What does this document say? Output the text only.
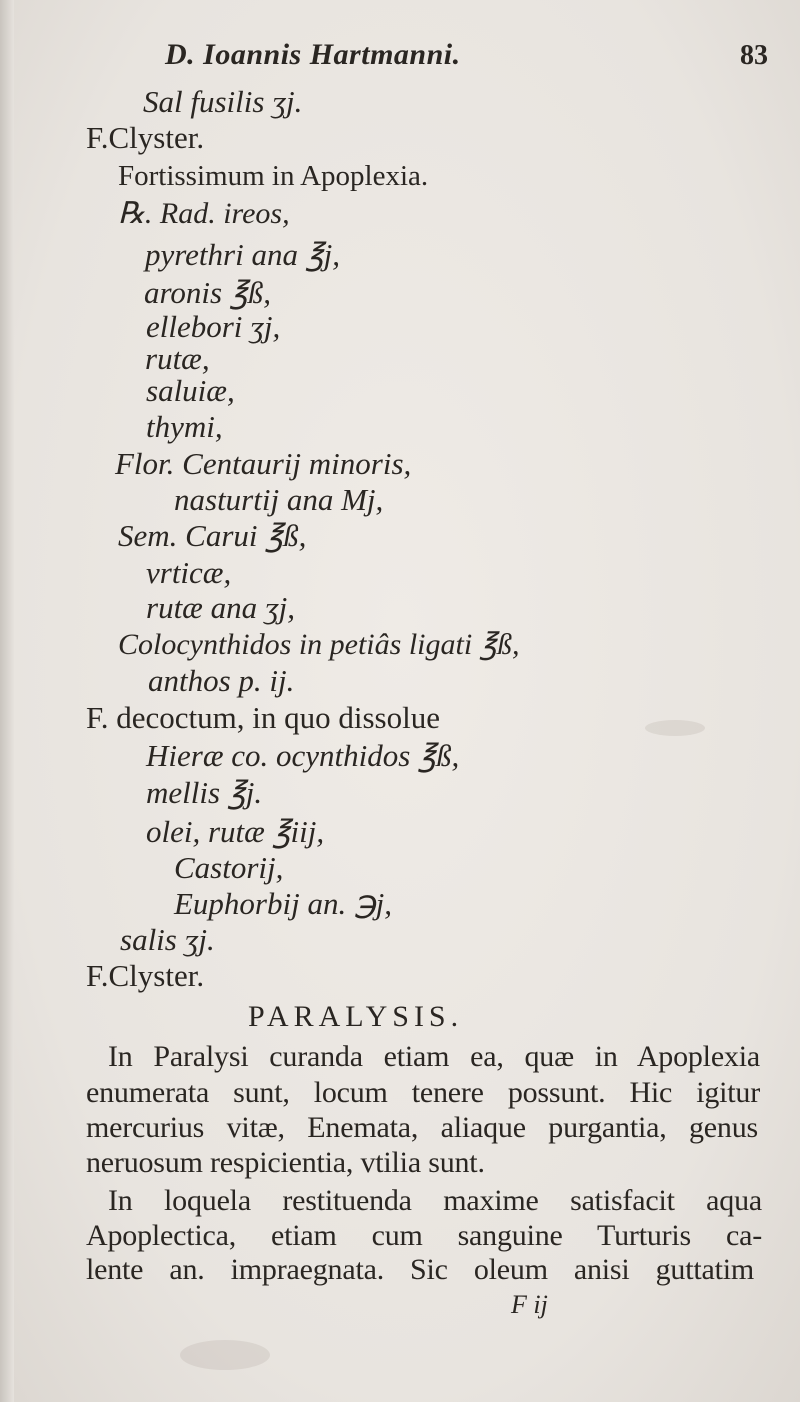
D. Ioannis Hartmanni.	83
Sal fusilis ʒj.
F.Clyster.
Fortissimum in Apoplexia.
℞. Rad. ireos,
pyrethri ana ℥j,
aronis ℥ß,
ellebori ʒj,
rutæ,
saluiæ,
thymi,
Flor. Centaurij minoris,
nasturtij ana Mj,
Sem. Carui ℥ß,
vrticæ,
rutæ ana ʒj,
Colocynthidos in petiâs ligati ℥ß,
anthos p. ij.
F. decoctum, in quo dissolue
Hieræ co. ocynthidos ℥ß,
mellis ℥j.
olei, rutæ ℥iij,
Castorij,
Euphorbij an. ℈j,
salis ʒj.
F.Clyster.
PARALYSIS.
In Paralysi curanda etiam ea, quæ in Apoplexia
enumerata sunt, locum tenere possunt. Hic igitur
mercurius vitæ, Enemata, aliaque purgantia, genus
neruosum respicientia, vtilia sunt.
In loquela restituenda maxime satisfacit aqua
Apoplectica, etiam cum sanguine Turturis ca-
lente an. impraegnata. Sic oleum anisi guttatim
F ij
